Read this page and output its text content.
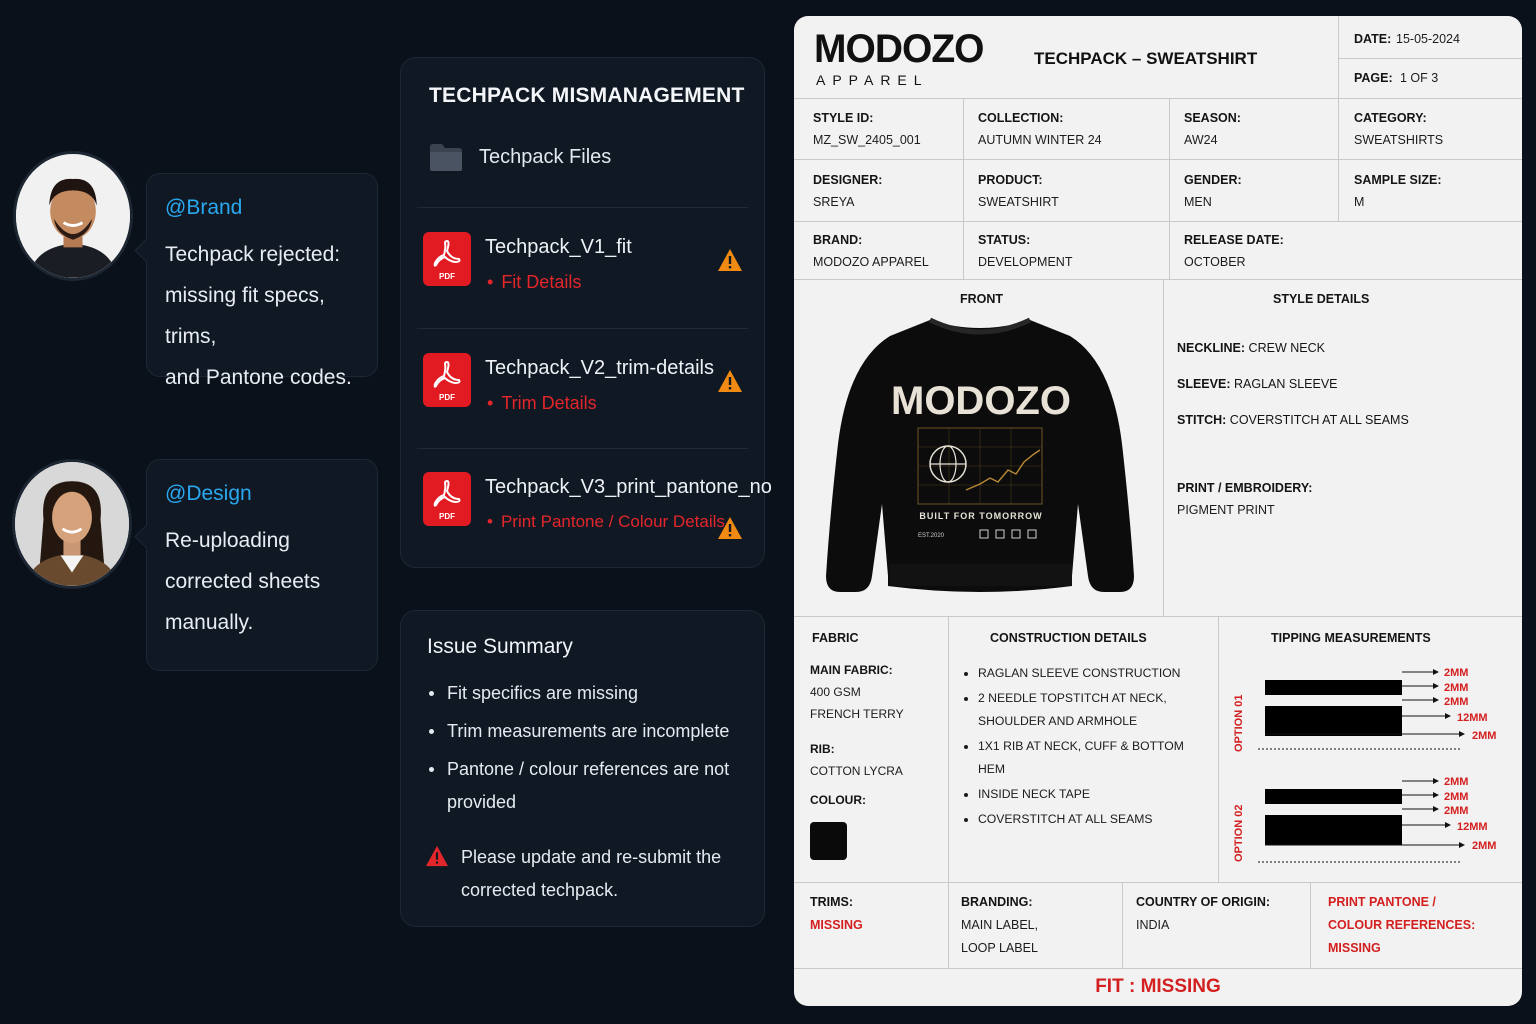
@Brand
Techpack rejected:
missing fit specs, trims,
and Pantone codes.
@Design
Re-uploading
corrected sheets
manually.
TECHPACK MISMANAGEMENT
Techpack Files
PDF
Techpack_V1_fit
• Fit Details
PDF
Techpack_V2_trim-details
• Trim Details
PDF
Techpack_V3_print_pantone_no
• Print Pantone / Colour Details
Issue Summary
Fit specifics are missing
Trim measurements are incomplete
Pantone / colour references are not provided
Please update and re-submit the corrected techpack.
MODOZO
APPAREL
TECHPACK – SWEATSHIRT
DATE: 15-05-2024
PAGE: 1 OF 3
STYLE ID:
MZ_SW_2405_001
COLLECTION:
AUTUMN WINTER 24
SEASON:
AW24
CATEGORY:
SWEATSHIRTS
DESIGNER:
SREYA
PRODUCT:
SWEATSHIRT
GENDER:
MEN
SAMPLE SIZE:
M
BRAND:
MODOZO APPAREL
STATUS:
DEVELOPMENT
RELEASE DATE:
OCTOBER
FRONT
MODOZO
BUILT FOR TOMORROW
EST.2020
STYLE DETAILS
NECKLINE: CREW NECK
SLEEVE: RAGLAN SLEEVE
STITCH: COVERSTITCH AT ALL SEAMS
PRINT / EMBROIDERY:
PIGMENT PRINT
FABRIC
MAIN FABRIC:
400 GSM
FRENCH TERRY
RIB:
COTTON LYCRA
COLOUR:
CONSTRUCTION DETAILS
RAGLAN SLEEVE CONSTRUCTION
2 NEEDLE TOPSTITCH AT NECK, SHOULDER AND ARMHOLE
1X1 RIB AT NECK, CUFF & BOTTOM HEM
INSIDE NECK TAPE
COVERSTITCH AT ALL SEAMS
TIPPING MEASUREMENTS
OPTION 01
2MM
2MM
2MM
12MM
2MM
OPTION 02
2MM
2MM
2MM
12MM
2MM
TRIMS:
MISSING
BRANDING:
MAIN LABEL,
LOOP LABEL
COUNTRY OF ORIGIN:
INDIA
PRINT PANTONE /
COLOUR REFERENCES:
MISSING
FIT : MISSING
